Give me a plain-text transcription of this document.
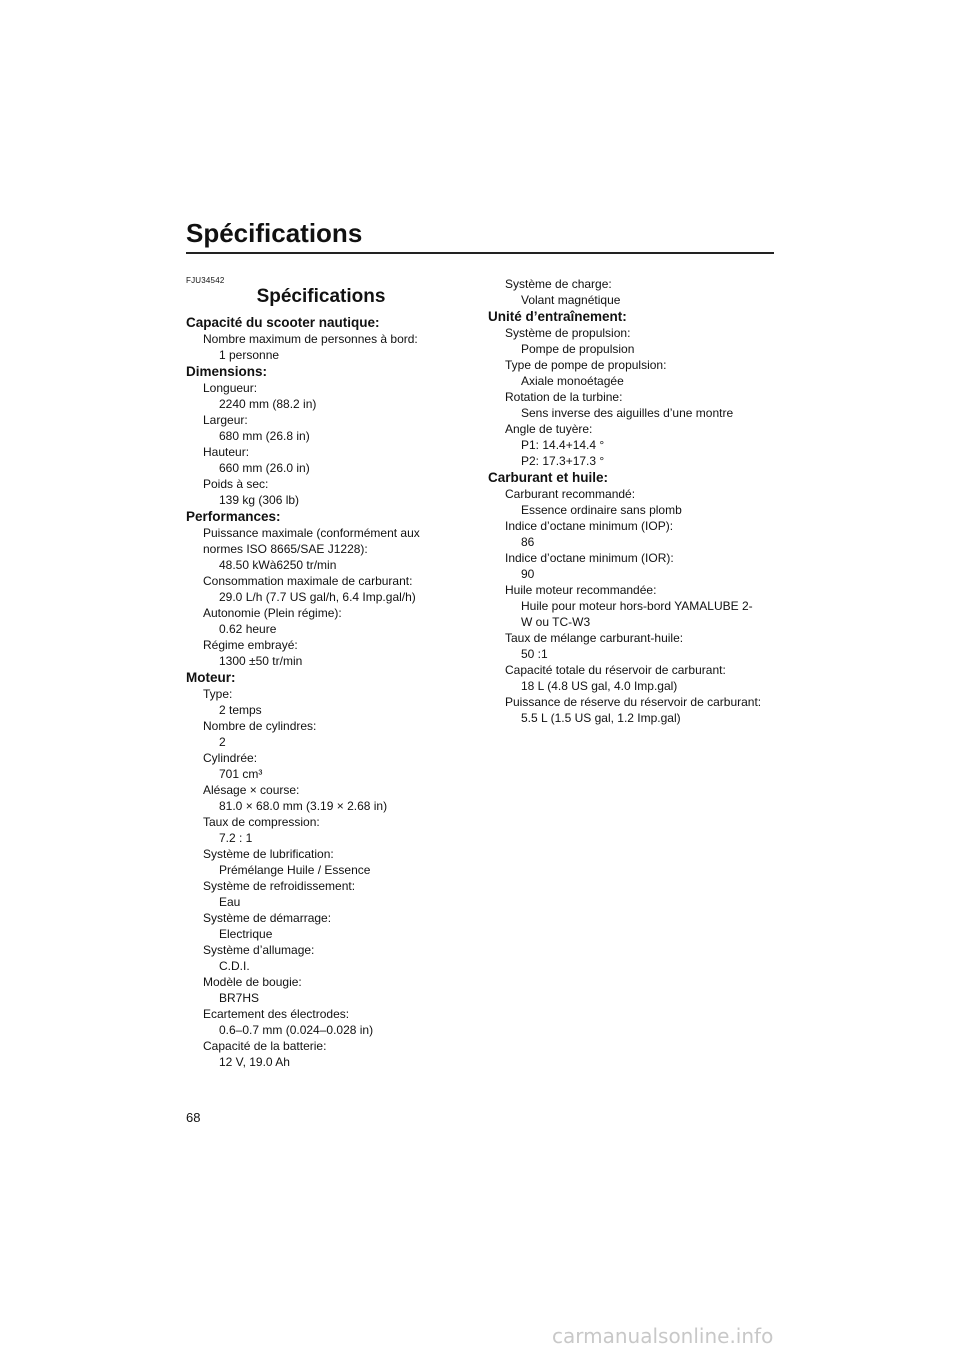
Spécifications

FJU34542

Spécifications

Capacité du scooter nautique:

Nombre maximum de personnes à bord:

1 personne

Dimensions:

Longueur:

2240 mm (88.2 in)

Largeur:

680 mm (26.8 in)

Hauteur:

660 mm (26.0 in)

Poids à sec:

139 kg (306 lb)

Performances:

Puissance maximale (conformément aux

normes ISO 8665/SAE J1228):

48.50 kWà6250 tr/min

Consommation maximale de carburant:

29.0 L/h (7.7 US gal/h, 6.4 Imp.gal/h)

Autonomie (Plein régime):

0.62 heure

Régime embrayé:

1300 ±50 tr/min

Moteur:

Type:

2 temps

Nombre de cylindres:

2

Cylindrée:

701 cm³

Alésage × course:

81.0 × 68.0 mm (3.19 × 2.68 in)

Taux de compression:

7.2 : 1

Système de lubrification:

Prémélange Huile / Essence

Système de refroidissement:

Eau

Système de démarrage:

Electrique

Système d’allumage:

C.D.I.

Modèle de bougie:

BR7HS

Ecartement des électrodes:

0.6–0.7 mm (0.024–0.028 in)

Capacité de la batterie:

12 V, 19.0 Ah

Système de charge:

Volant magnétique

Unité d’entraînement:

Système de propulsion:

Pompe de propulsion

Type de pompe de propulsion:

Axiale monoétagée

Rotation de la turbine:

Sens inverse des aiguilles d’une montre

Angle de tuyère:

P1: 14.4+14.4 °

P2: 17.3+17.3 °

Carburant et huile:

Carburant recommandé:

Essence ordinaire sans plomb

Indice d’octane minimum (IOP):

86

Indice d’octane minimum (IOR):

90

Huile moteur recommandée:

Huile pour moteur hors-bord YAMALUBE 2-

W ou TC-W3

Taux de mélange carburant-huile:

50 :1

Capacité totale du réservoir de carburant:

18 L (4.8 US gal, 4.0 Imp.gal)

Puissance de réserve du réservoir de carburant:

5.5 L (1.5 US gal, 1.2 Imp.gal)

68

carmanualsonline.info
